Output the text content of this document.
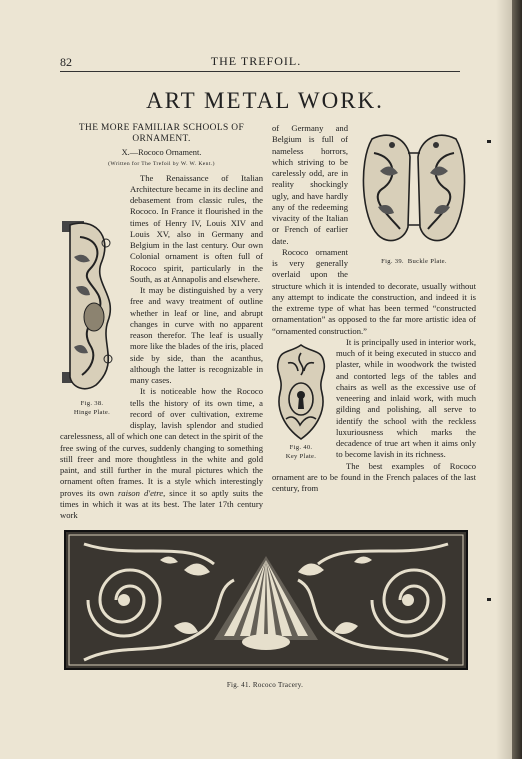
82	THE TREFOIL.
ART METAL WORK.

THE MORE FAMILIAR SCHOOLS OF ORNAMENT.

X.—Rococo Ornament.

(Written for The Trefoil by W. W. Kent.)

Fig. 38.
Hinge Plate.

The Renaissance of Italian Architecture became in its decline and debasement from classic rules, the Rococo. In France it flourished in the times of Henry IV, Louis XIV and Louis XV, also in Germany and Belgium in the last century. Our own Colonial ornament is often full of Rococo spirit, particularly in the South, as at Annapolis and elsewhere.

It may be distinguished by a very free and wavy treatment of outline whether in leaf or line, and abrupt changes in curve with no apparent reason therefor. The leaf is usually more like the blades of the iris, placed side by side, than the acanthus, although the latter is recognizable in many cases.

It is noticeable how the Rococo tells the history of its own time, a record of over cultivation, extreme display, lavish splendor and studied carelessness, all of which one can detect in the spirit of the free swing of the curves, suddenly changing to something still freer and more thoughtless in the white and gold paint, and still further in the mural pictures which the ornament often frames. It is a style which interestingly proves its own raison d'etre, since it so aptly suits the times in which it was at its best. The later 17th century work

Fig. 39. Buckle Plate.

of Germany and Belgium is full of nameless horrors, which striving to be carelessly odd, are in reality shockingly ugly, and have hardly any of the redeeming vivacity of the Italian or French of earlier date.

Rococo ornament is very generally overlaid upon the structure which it is intended to decorate, usually without any attempt to indicate the construction, and indeed it is the extreme type of what has been termed “constructed ornamentation” as opposed to the far more artistic idea of “ornamented construction.”

Fig. 40.
Key Plate.

It is principally used in interior work, much of it being executed in stucco and plaster, while in woodwork the twisted and contorted legs of the tables and chairs as well as the excessive use of veneering and inlaid work, with much gilding and polishing, all serve to identify the school with the reckless luxuriousness which marks the decadence of true art when it aims only to become lavish in its richness.

The best examples of Rococo ornament are to be found in the French palaces of the last century, from

Fig. 41. Rococo Tracery.
